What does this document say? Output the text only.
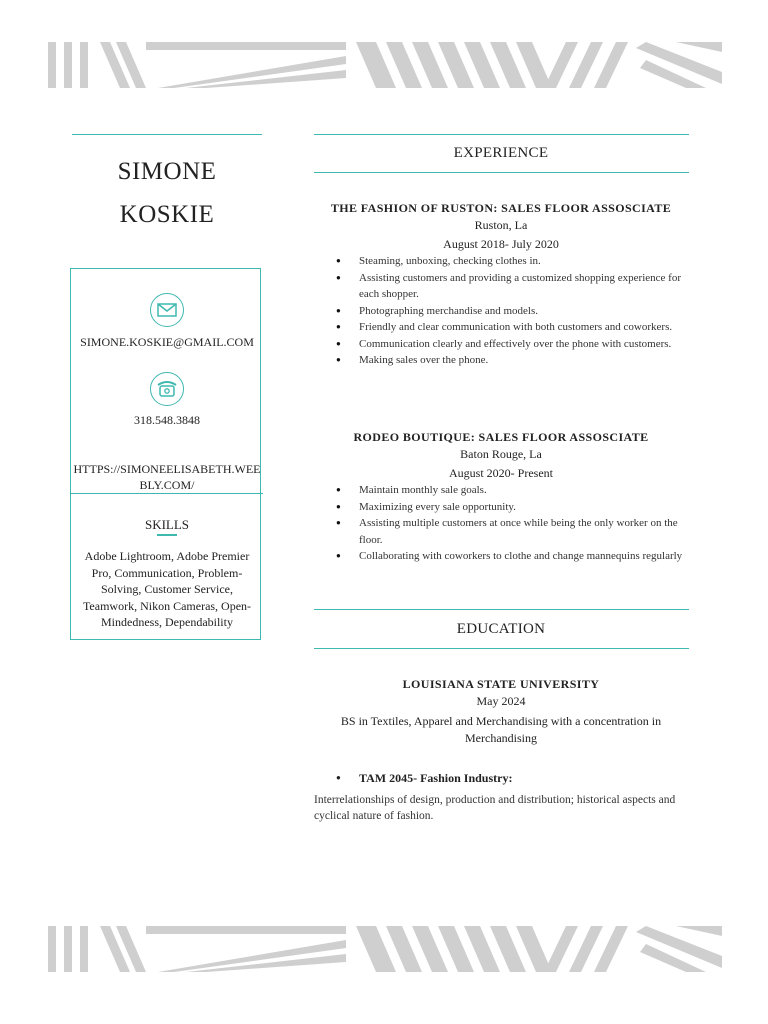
SIMONE
KOSKIE
SIMONE.KOSKIE@GMAIL.COM
318.548.3848
HTTPS://SIMONEELISABETH.WEEBLY.COM/
SKILLS
Adobe Lightroom, Adobe Premier Pro, Communication, Problem-Solving, Customer Service, Teamwork, Nikon Cameras, Open-Mindedness, Dependability
EXPERIENCE
THE FASHION OF RUSTON: SALES FLOOR ASSOSCIATE
Ruston, La
August 2018- July 2020
● Steaming, unboxing, checking clothes in.
● Assisting customers and providing a customized shopping experience for each shopper.
● Photographing merchandise and models.
● Friendly and clear communication with both customers and coworkers.
● Communication clearly and effectively over the phone with customers.
● Making sales over the phone.
RODEO BOUTIQUE: SALES FLOOR ASSOSCIATE
Baton Rouge, La
August 2020- Present
● Maintain monthly sale goals.
● Maximizing every sale opportunity.
● Assisting multiple customers at once while being the only worker on the floor.
● Collaborating with coworkers to clothe and change mannequins regularly
EDUCATION
LOUISIANA STATE UNIVERSITY
May 2024
BS in Textiles, Apparel and Merchandising with a concentration in Merchandising
● TAM 2045- Fashion Industry:
Interrelationships of design, production and distribution; historical aspects and cyclical nature of fashion.
